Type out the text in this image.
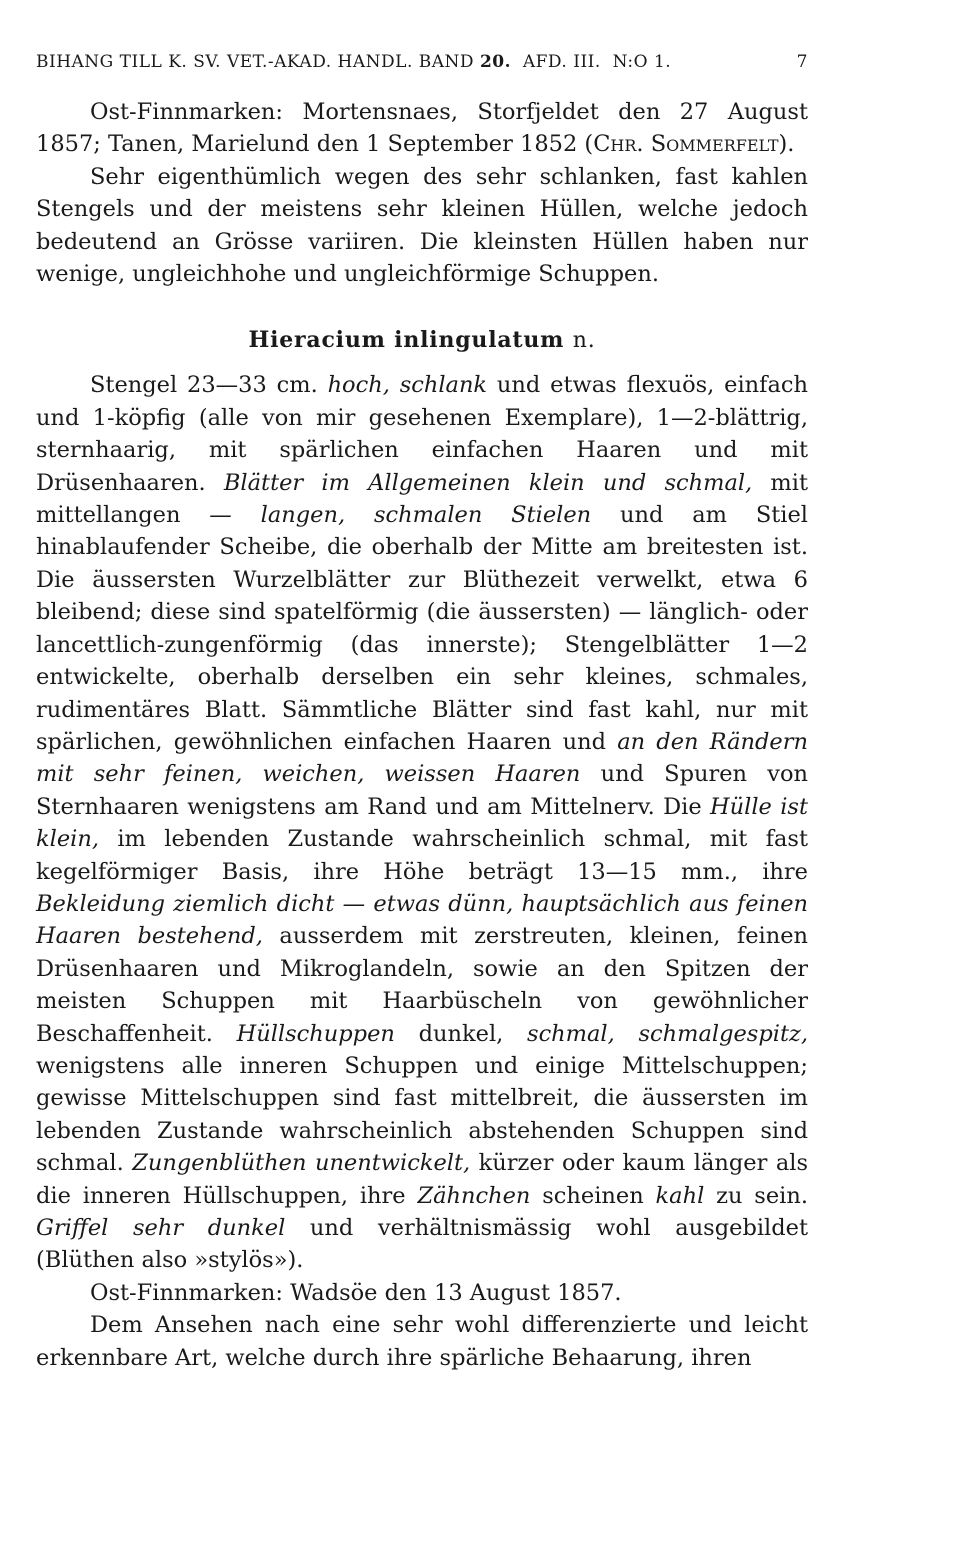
BIHANG TILL K. SV. VET.-AKAD. HANDL. BAND 20. AFD. III. N:O 1.	7

Ost-Finnmarken: Mortensnaes, Storfjeldet den 27 August 1857; Tanen, Marielund den 1 September 1852 (Chr. Sommerfelt).

Sehr eigenthümlich wegen des sehr schlanken, fast kahlen Stengels und der meistens sehr kleinen Hüllen, welche jedoch bedeutend an Grösse variiren. Die kleinsten Hüllen haben nur wenige, ungleichhohe und ungleichförmige Schuppen.

Hieracium inlingulatum n.

Stengel 23—33 cm. hoch, schlank und etwas flexuös, einfach und 1-köpfig (alle von mir gesehenen Exemplare), 1—2-blättrig, sternhaarig, mit spärlichen einfachen Haaren und mit Drüsenhaaren. Blätter im Allgemeinen klein und schmal, mit mittellangen — langen, schmalen Stielen und am Stiel hinablaufender Scheibe, die oberhalb der Mitte am breitesten ist. Die äussersten Wurzelblätter zur Blüthezeit verwelkt, etwa 6 bleibend; diese sind spatelförmig (die äussersten) — länglich- oder lancettlich-zungenförmig (das innerste); Stengelblätter 1—2 entwickelte, oberhalb derselben ein sehr kleines, schmales, rudimentäres Blatt. Sämmtliche Blätter sind fast kahl, nur mit spärlichen, gewöhnlichen einfachen Haaren und an den Rändern mit sehr feinen, weichen, weissen Haaren und Spuren von Sternhaaren wenigstens am Rand und am Mittelnerv. Die Hülle ist klein, im lebenden Zustande wahrscheinlich schmal, mit fast kegelförmiger Basis, ihre Höhe beträgt 13—15 mm., ihre Bekleidung ziemlich dicht — etwas dünn, hauptsächlich aus feinen Haaren bestehend, ausserdem mit zerstreuten, kleinen, feinen Drüsenhaaren und Mikroglandeln, sowie an den Spitzen der meisten Schuppen mit Haarbüscheln von gewöhnlicher Beschaffenheit. Hüllschuppen dunkel, schmal, schmalgespitz, wenigstens alle inneren Schuppen und einige Mittelschuppen; gewisse Mittelschuppen sind fast mittelbreit, die äussersten im lebenden Zustande wahrscheinlich abstehenden Schuppen sind schmal. Zungenblüthen unentwickelt, kürzer oder kaum länger als die inneren Hüllschuppen, ihre Zähnchen scheinen kahl zu sein. Griffel sehr dunkel und verhältnismässig wohl ausgebildet (Blüthen also »stylös»).

Ost-Finnmarken: Wadsöe den 13 August 1857.

Dem Ansehen nach eine sehr wohl differenzierte und leicht erkennbare Art, welche durch ihre spärliche Behaarung, ihren
